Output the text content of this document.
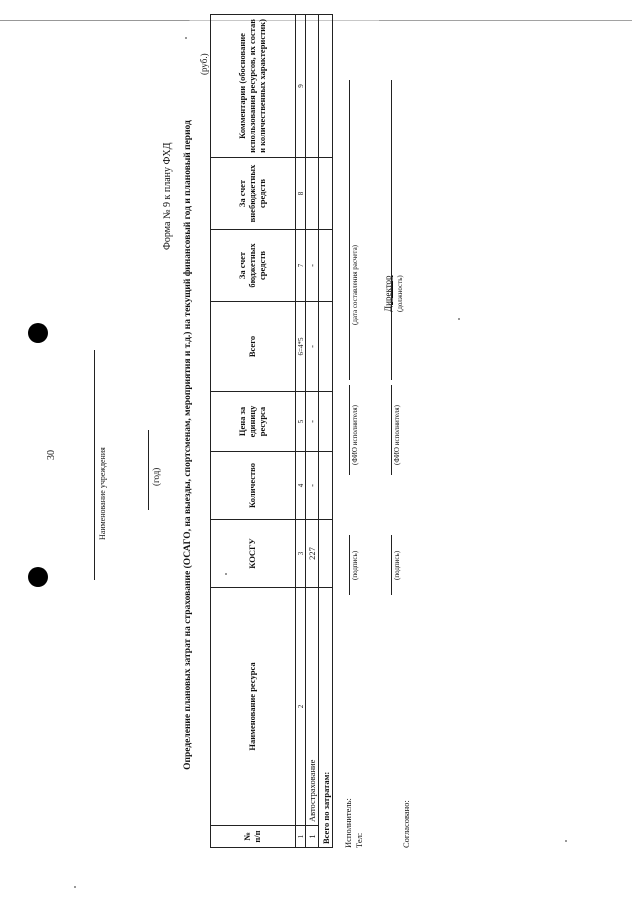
30	Наименование учреждения	(год)
Форма № 9 к плану ФХД Определение плановых затрат на страхование (ОСАГО, на выезды, спортсменам, мероприятия и т.д.) на текущий финансовый год и плановый период
(руб.)
№ п/п	Наименование ресурса	КОСГУ	Количество	Цена за единицу ресурса	Всего	За счет бюджетных средств	За счет внебюджетных средств	Комментарии (обоснование использования ресурсов, их состав и количественных характеристик)
1	2	3	4	5	6=4*5	7	8	9
1	Автострахование	227	-	-	-	-		
Всего по затратам:								Исполнитель: Тел:
(подпись)
(ФИО исполнителя)
(дата составления расчета)
Согласовано:
(подпись)
(ФИО исполнителя)
Директор (должность)
